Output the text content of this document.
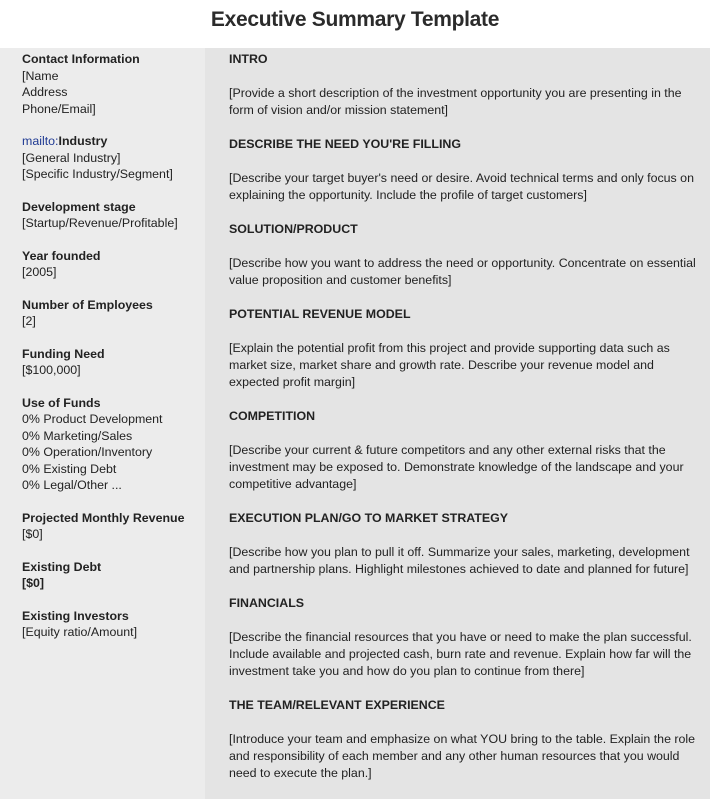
Executive Summary Template
Contact Information
[Name
Address
Phone/Email]
mailto:Industry
[General Industry]
[Specific Industry/Segment]
Development stage
[Startup/Revenue/Profitable]
Year founded
[2005]
Number of Employees
[2]
Funding Need
[$100,000]
Use of Funds
0% Product Development
0% Marketing/Sales
0% Operation/Inventory
0% Existing Debt
0% Legal/Other ...
Projected Monthly Revenue
[$0]
Existing Debt
[$0]
Existing Investors
[Equity ratio/Amount]
INTRO
[Provide a short description of the investment opportunity you are presenting in the form of vision and/or mission statement]
DESCRIBE THE NEED YOU'RE FILLING
[Describe your target buyer's need or desire. Avoid technical terms and only focus on explaining the opportunity. Include the profile of target customers]
SOLUTION/PRODUCT
[Describe how you want to address the need or opportunity. Concentrate on essential value proposition and customer benefits]
POTENTIAL REVENUE MODEL
[Explain the potential profit from this project and provide supporting data such as market size, market share and growth rate. Describe your revenue model and expected profit margin]
COMPETITION
[Describe your current & future competitors and any other external risks that the investment may be exposed to. Demonstrate knowledge of the landscape and your competitive advantage]
EXECUTION PLAN/GO TO MARKET STRATEGY
[Describe how you plan to pull it off. Summarize your sales, marketing, development and partnership plans. Highlight milestones achieved to date and planned for future]
FINANCIALS
[Describe the financial resources that you have or need to make the plan successful. Include available and projected cash, burn rate and revenue. Explain how far will the investment take you and how do you plan to continue from there]
THE TEAM/RELEVANT EXPERIENCE
[Introduce your team and emphasize on what YOU bring to the table. Explain the role and responsibility of each member and any other human resources that you would need to execute the plan.]
